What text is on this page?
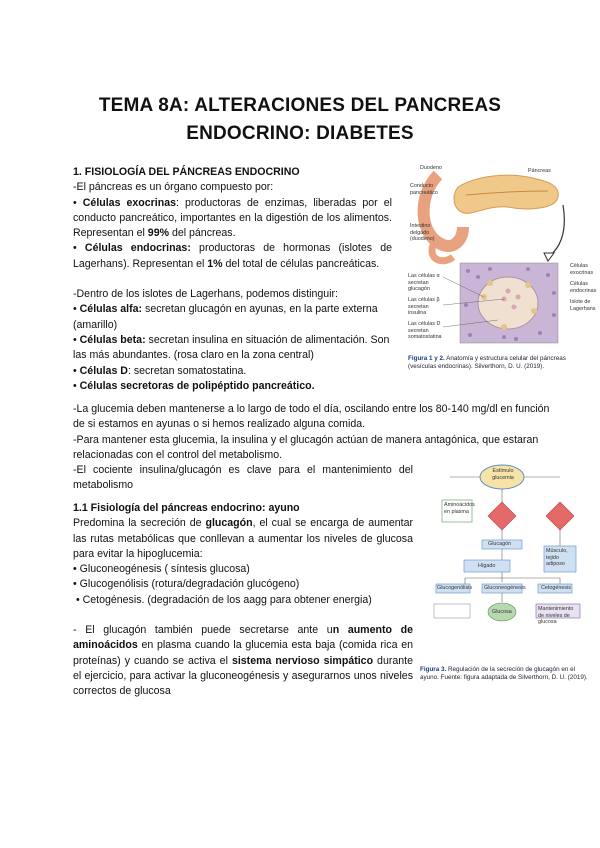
TEMA 8A: ALTERACIONES DEL PANCREAS
ENDOCRINO: DIABETES
1. FISIOLOGÍA DEL PÁNCREAS ENDOCRINO
-El páncreas es un órgano compuesto por:
• Células exocrinas: productoras de enzimas, liberadas por el conducto pancreático, importantes en la digestión de los alimentos. Representan el 99% del páncreas.
• Células endocrinas: productoras de hormonas (islotes de Lagerhans). Representan el 1% del total de células pancreáticas.
-Dentro de los islotes de Lagerhans, podemos distinguir:
• Células alfa: secretan glucagón en ayunas, en la parte externa (amarillo)
• Células beta: secretan insulina en situación de alimentación. Son las más abundantes. (rosa claro en la zona central)
• Células D: secretan somatostatina.
• Células secretoras de polipéptido pancreático.
Duodeno	Páncreas
Conducto pancreático
Intestino delgado (duodeno)
Células exocrinas
Células endocrinas
Islote de Lagerhans
Las células α secretan glucagón
Las células β secretan insulina
Las células D secretan somatostatina
Figura 1 y 2. Anatomía y estructura celular del páncreas (vesículas endocrinas). Silverthorn, D. U. (2019).
-La glucemia deben mantenerse a lo largo de todo el día, oscilando entre los 80-140 mg/dl en función de si estamos en ayunas o si hemos realizado alguna comida.
-Para mantener esta glucemia, la insulina y el glucagón actúan de manera antagónica, que estaran relacionadas con el control del metabolismo.
-El cociente insulina/glucagón es clave para el mantenimiento del metabolismo
1.1 Fisiología del páncreas endocrino: ayuno
Predomina la secreción de glucagón, el cual se encarga de aumentar las rutas metabólicas que conllevan a aumentar los niveles de glucosa para evitar la hipoglucemia:
• Gluconeogénesis ( síntesis glucosa)
• Glucogenólisis (rotura/degradación glucógeno)
• Cetogénesis. (degradación de los aagg para obtener energia)
- El glucagón también puede secretarse ante un aumento de aminoácidos en plasma cuando la glucemia esta baja (comida rica en proteínas) y cuando se activa el sistema nervioso simpático durante el ejercicio, para activar la gluconeogénesis y asegurarnos unos niveles correctos de glucosa
Estímulo glucemia
Aminoácidos en plasma
Glucagón
Hígado
Músculo, tejido adiposo
Glucogenólisis Gluconeogénesis	Cetogénesis
Glucosa	Mantenimiento de niveles de glucosa
Figura 3. Regulación de la secreción de glucagón en el ayuno. Fuente: figura adaptada de Silverthorn, D. U. (2019).
